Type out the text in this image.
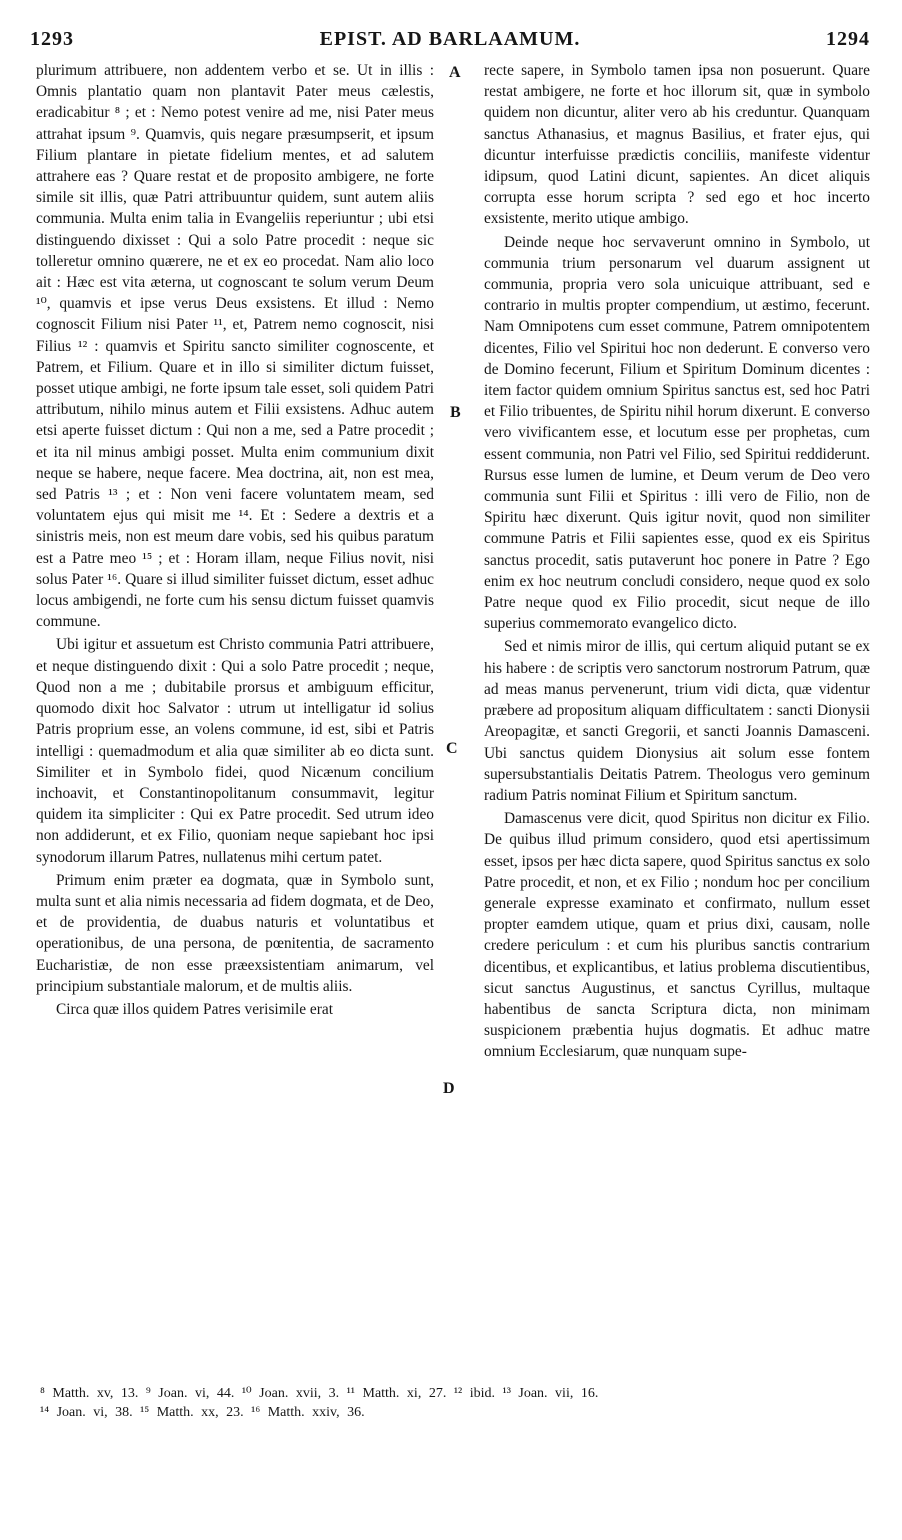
1293	EPIST. AD BARLAAMUM.	1294

plurimum attribuere, non addentem verbo et se. Ut in illis : Omnis plantatio quam non plantavit Pater meus cælestis, eradicabitur ⁸ ; et : Nemo potest venire ad me, nisi Pater meus attrahat ipsum ⁹. Quamvis, quis negare præsumpserit, et ipsum Filium plantare in pietate fidelium mentes, et ad salutem attrahere eas ? Quare restat et de proposito ambigere, ne forte simile sit illis, quæ Patri attribuuntur quidem, sunt autem aliis communia. Multa enim talia in Evangeliis reperiuntur ; ubi etsi distinguendo dixisset : Qui a solo Patre procedit : neque sic tolleretur omnino quærere, ne et ex eo procedat. Nam alio loco ait : Hæc est vita æterna, ut cognoscant te solum verum Deum ¹⁰, quamvis et ipse verus Deus exsistens. Et illud : Nemo cognoscit Filium nisi Pater ¹¹, et, Patrem nemo cognoscit, nisi Filius ¹² : quamvis et Spiritu sancto similiter cognoscente, et Patrem, et Filium. Quare et in illo si similiter dictum fuisset, posset utique ambigi, ne forte ipsum tale esset, soli quidem Patri attributum, nihilo minus autem et Filii exsistens. Adhuc autem etsi aperte fuisset dictum : Qui non a me, sed a Patre procedit ; et ita nil minus ambigi posset. Multa enim communium dixit neque se habere, neque facere. Mea doctrina, ait, non est mea, sed Patris ¹³ ; et : Non veni facere voluntatem meam, sed voluntatem ejus qui misit me ¹⁴. Et : Sedere a dextris et a sinistris meis, non est meum dare vobis, sed his quibus paratum est a Patre meo ¹⁵ ; et : Horam illam, neque Filius novit, nisi solus Pater ¹⁶. Quare si illud similiter fuisset dictum, esset adhuc locus ambigendi, ne forte cum his sensu dictum fuisset quamvis commune.

Ubi igitur et assuetum est Christo communia Patri attribuere, et neque distinguendo dixit : Qui a solo Patre procedit ; neque, Quod non a me ; dubitabile prorsus et ambiguum efficitur, quomodo dixit hoc Salvator : utrum ut intelligatur id solius Patris proprium esse, an volens commune, id est, sibi et Patris intelligi : quemadmodum et alia quæ similiter ab eo dicta sunt. Similiter et in Symbolo fidei, quod Nicænum concilium inchoavit, et Constantinopolitanum consummavit, legitur quidem ita simpliciter : Qui ex Patre procedit. Sed utrum ideo non addiderunt, et ex Filio, quoniam neque sapiebant hoc ipsi synodorum illarum Patres, nullatenus mihi certum patet.

Primum enim præter ea dogmata, quæ in Symbolo sunt, multa sunt et alia nimis necessaria ad fidem dogmata, et de Deo, et de providentia, de duabus naturis et voluntatibus et operationibus, de una persona, de pœnitentia, de sacramento Eucharistiæ, de non esse præexsistentiam animarum, vel principium substantiale malorum, et de multis aliis.

Circa quæ illos quidem Patres verisimile erat

A
B
C
D

recte sapere, in Symbolo tamen ipsa non posuerunt. Quare restat ambigere, ne forte et hoc illorum sit, quæ in symbolo quidem non dicuntur, aliter vero ab his creduntur. Quanquam sanctus Athanasius, et magnus Basilius, et frater ejus, qui dicuntur interfuisse prædictis conciliis, manifeste videntur idipsum, quod Latini dicunt, sapientes. An dicet aliquis corrupta esse horum scripta ? sed ego et hoc incerto exsistente, merito utique ambigo.

Deinde neque hoc servaverunt omnino in Symbolo, ut communia trium personarum vel duarum assignent ut communia, propria vero sola unicuique attribuant, sed e contrario in multis propter compendium, ut æstimo, fecerunt. Nam Omnipotens cum esset commune, Patrem omnipotentem dicentes, Filio vel Spiritui hoc non dederunt. E converso vero de Domino fecerunt, Filium et Spiritum Dominum dicentes : item factor quidem omnium Spiritus sanctus est, sed hoc Patri et Filio tribuentes, de Spiritu nihil horum dixerunt. E converso vero vivificantem esse, et locutum esse per prophetas, cum essent communia, non Patri vel Filio, sed Spiritui reddiderunt. Rursus esse lumen de lumine, et Deum verum de Deo vero communia sunt Filii et Spiritus : illi vero de Filio, non de Spiritu hæc dixerunt. Quis igitur novit, quod non similiter commune Patris et Filii sapientes esse, quod ex eis Spiritus sanctus procedit, satis putaverunt hoc ponere in Patre ? Ego enim ex hoc neutrum concludi considero, neque quod ex solo Patre neque quod ex Filio procedit, sicut neque de illo superius commemorato evangelico dicto.

Sed et nimis miror de illis, qui certum aliquid putant se ex his habere : de scriptis vero sanctorum nostrorum Patrum, quæ ad meas manus pervenerunt, trium vidi dicta, quæ videntur præbere ad propositum aliquam difficultatem : sancti Dionysii Areopagitæ, et sancti Gregorii, et sancti Joannis Damasceni. Ubi sanctus quidem Dionysius ait solum esse fontem supersubstantialis Deitatis Patrem. Theologus vero geminum radium Patris nominat Filium et Spiritum sanctum.

Damascenus vere dicit, quod Spiritus non dicitur ex Filio. De quibus illud primum considero, quod etsi apertissimum esset, ipsos per hæc dicta sapere, quod Spiritus sanctus ex solo Patre procedit, et non, et ex Filio ; nondum hoc per concilium generale expresse examinato et confirmato, nullum esset propter eamdem utique, quam et prius dixi, causam, nolle credere periculum : et cum his pluribus sanctis contrarium dicentibus, et explicantibus, et latius problema discutientibus, sicut sanctus Augustinus, et sanctus Cyrillus, multaque habentibus de sancta Scriptura dicta, non minimam suspicionem præbentia hujus dogmatis. Et adhuc matre omnium Ecclesiarum, quæ nunquam supe-

⁸ Matth. xv, 13. ⁹ Joan. vi, 44. ¹⁰ Joan. xvii, 3. ¹¹ Matth. xi, 27. ¹² ibid. ¹³ Joan. vii, 16.
¹⁴ Joan. vi, 38. ¹⁵ Matth. xx, 23. ¹⁶ Matth. xxiv, 36.
